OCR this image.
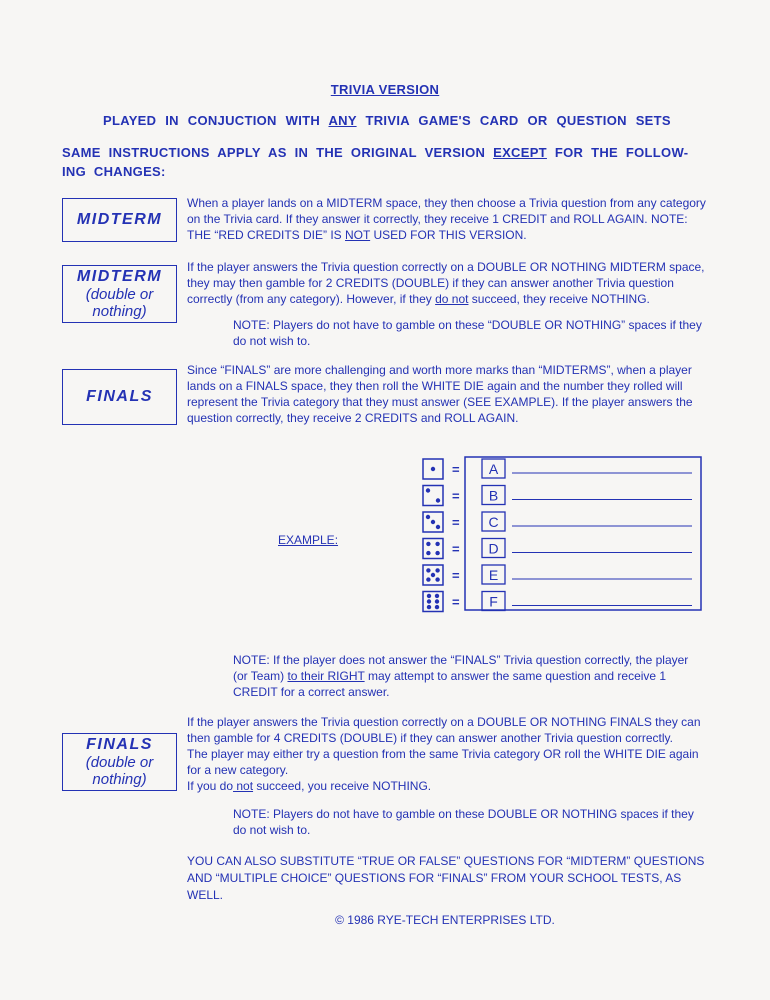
TRIVIA VERSION
PLAYED IN CONJUCTION WITH ANY TRIVIA GAME'S CARD OR QUESTION SETS
SAME INSTRUCTIONS APPLY AS IN THE ORIGINAL VERSION EXCEPT FOR THE FOLLOW-ING CHANGES:
MIDTERM
When a player lands on a MIDTERM space, they then choose a Trivia question from any category on the Trivia card. If they answer it correctly, they receive 1 CREDIT and ROLL AGAIN. NOTE: THE “RED CREDITS DIE” IS NOT USED FOR THIS VERSION.
MIDTERM
(double or nothing)
If the player answers the Trivia question correctly on a DOUBLE OR NOTHING MIDTERM space, they may then gamble for 2 CREDITS (DOUBLE) if they can answer another Trivia question correctly (from any category). However, if they do not succeed, they receive NOTHING.
NOTE: Players do not have to gamble on these “DOUBLE OR NOTHING” spaces if they do not wish to.
FINALS
Since “FINALS” are more challenging and worth more marks than “MIDTERMS”, when a player lands on a FINALS space, they then roll the WHITE DIE again and the number they rolled will represent the Trivia category that they must answer (SEE EXAMPLE). If the player answers the question correctly, they receive 2 CREDITS and ROLL AGAIN.
EXAMPLE:
= A
= B
= C
= D
= E
= F
NOTE: If the player does not answer the “FINALS” Trivia question correctly, the player (or Team) to their RIGHT may attempt to answer the same question and receive 1 CREDIT for a correct answer.
FINALS
(double or nothing)
If the player answers the Trivia question correctly on a DOUBLE OR NOTHING FINALS they can then gamble for 4 CREDITS (DOUBLE) if they can answer another Trivia question correctly.
The player may either try a question from the same Trivia category OR roll the WHITE DIE again for a new category.
If you do not succeed, you receive NOTHING.
NOTE: Players do not have to gamble on these DOUBLE OR NOTHING spaces if they do not wish to.
YOU CAN ALSO SUBSTITUTE “TRUE OR FALSE” QUESTIONS FOR “MIDTERM” QUESTIONS AND “MULTIPLE CHOICE” QUESTIONS FOR “FINALS” FROM YOUR SCHOOL TESTS, AS WELL.
© 1986 RYE-TECH ENTERPRISES LTD.
